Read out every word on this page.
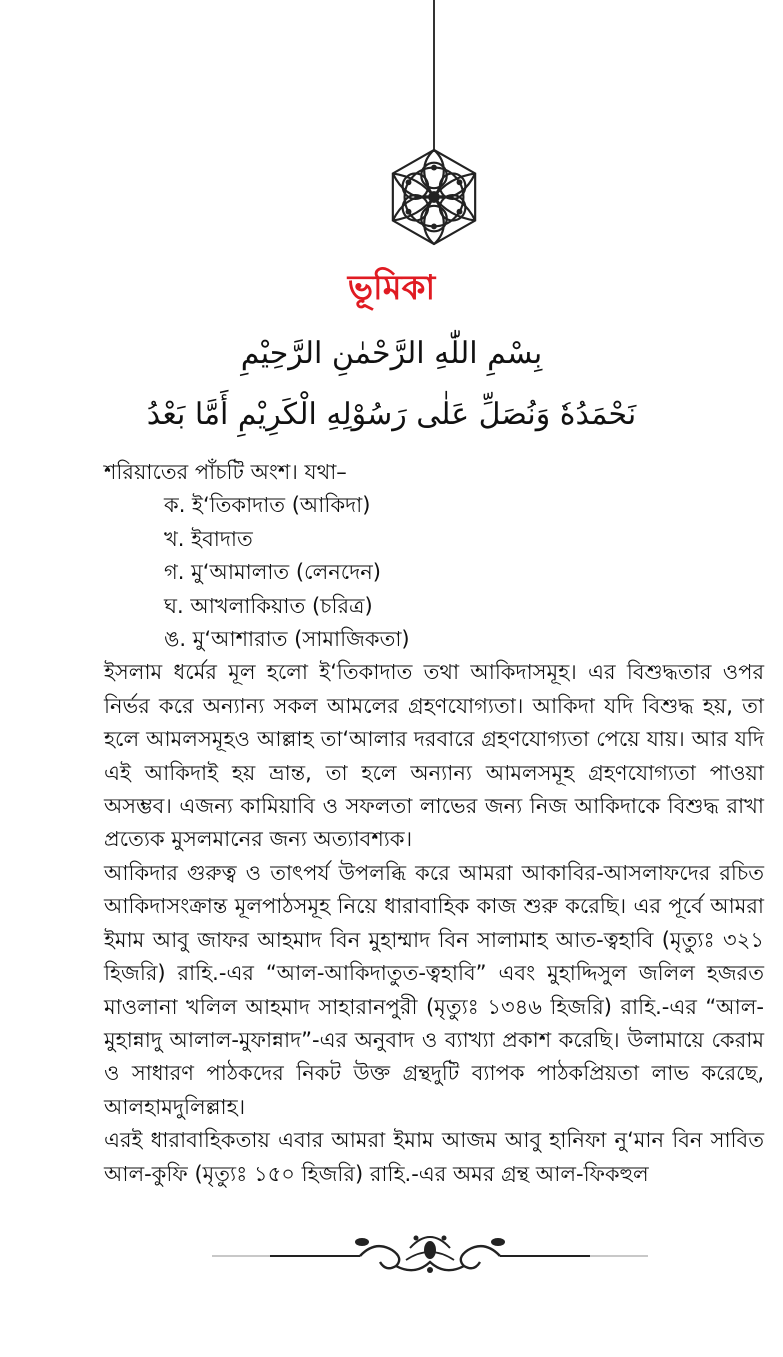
ভূমিকা
بِسْمِ اللّٰهِ الرَّحْمٰنِ الرَّحِيْمِ
نَحْمَدُهٗ وَنُصَلِّ عَلٰى رَسُوْلِهِ الْكَرِيْمِ أَمَّا بَعْدُ

শরিয়াতের পাঁচটি অংশ। যথা–

ক. ই‘তিকাদাত (আকিদা)

খ. ইবাদাত

গ. মু‘আমালাত (লেনদেন)

ঘ. আখলাকিয়াত (চরিত্র)

ঙ. মু‘আশারাত (সামাজিকতা)

ইসলাম ধর্মের মূল হলো ই‘তিকাদাত তথা আকিদাসমূহ। এর বিশুদ্ধতার ওপর নির্ভর করে অন্যান্য সকল আমলের গ্রহণযোগ্যতা। আকিদা যদি বিশুদ্ধ হয়, তা হলে আমলসমূহও আল্লাহ তা‘আলার দরবারে গ্রহণযোগ্যতা পেয়ে যায়। আর যদি এই আকিদাই হয় ভ্রান্ত, তা হলে অন্যান্য আমলসমূহ গ্রহণযোগ্যতা পাওয়া অসম্ভব। এজন্য কামিয়াবি ও সফলতা লাভের জন্য নিজ আকিদাকে বিশুদ্ধ রাখা প্রত্যেক মুসলমানের জন্য অত্যাবশ্যক।

আকিদার গুরুত্ব ও তাৎপর্য উপলব্ধি করে আমরা আকাবির-আসলাফদের রচিত আকিদাসংক্রান্ত মূলপাঠসমূহ নিয়ে ধারাবাহিক কাজ শুরু করেছি। এর পূর্বে আমরা ইমাম আবু জাফর আহমাদ বিন মুহাম্মাদ বিন সালামাহ আত-ত্বহাবি (মৃত্যুঃ ৩২১ হিজরি) রাহি.-এর “আল-আকিদাতুত-ত্বহাবি” এবং মুহাদ্দিসুল জলিল হজরত মাওলানা খলিল আহমাদ সাহারানপুরী (মৃত্যুঃ ১৩৪৬ হিজরি) রাহি.-এর “আল-মুহান্নাদু আলাল-মুফান্নাদ”-এর অনুবাদ ও ব্যাখ্যা প্রকাশ করেছি। উলামায়ে কেরাম ও সাধারণ পাঠকদের নিকট উক্ত গ্রন্থদুটি ব্যাপক পাঠকপ্রিয়তা লাভ করেছে, আলহামদুলিল্লাহ।

এরই ধারাবাহিকতায় এবার আমরা ইমাম আজম আবু হানিফা নু‘মান বিন সাবিত আল-কুফি (মৃত্যুঃ ১৫০ হিজরি) রাহি.-এর অমর গ্রন্থ আল-ফিকহুল
